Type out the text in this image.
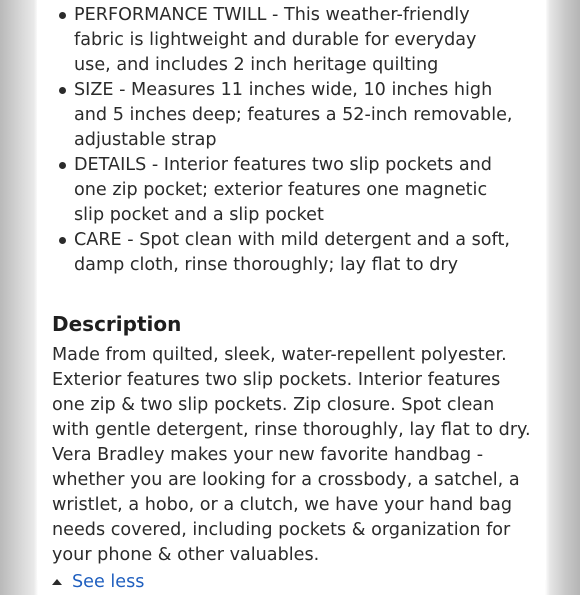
PERFORMANCE TWILL - This weather-friendly fabric is lightweight and durable for everyday use, and includes 2 inch heritage quilting
SIZE - Measures 11 inches wide, 10 inches high and 5 inches deep; features a 52-inch removable, adjustable strap
DETAILS - Interior features two slip pockets and one zip pocket; exterior features one magnetic slip pocket and a slip pocket
CARE - Spot clean with mild detergent and a soft, damp cloth, rinse thoroughly; lay flat to dry
Description

Made from quilted, sleek, water-repellent polyester. Exterior features two slip pockets. Interior features one zip & two slip pockets. Zip closure. Spot clean with gentle detergent, rinse thoroughly, lay flat to dry. Vera Bradley makes your new favorite handbag - whether you are looking for a crossbody, a satchel, a wristlet, a hobo, or a clutch, we have your hand bag needs covered, including pockets & organization for your phone & other valuables.

See less
